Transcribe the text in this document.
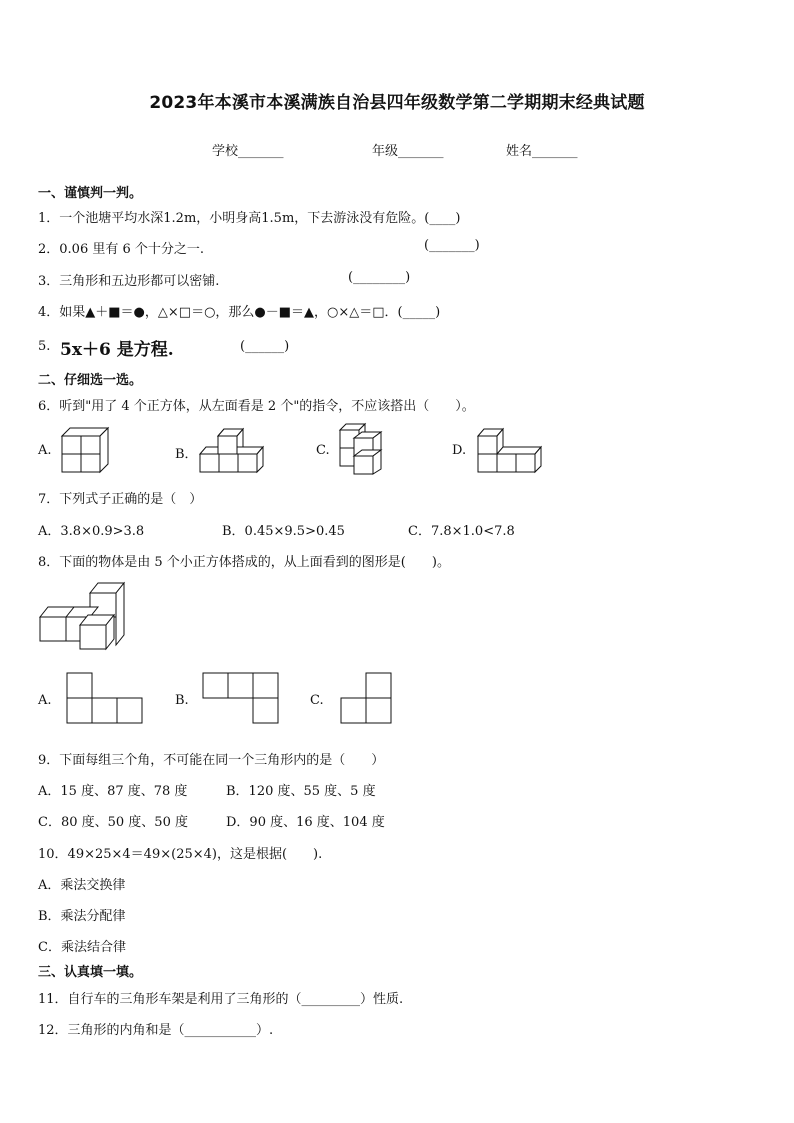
2023年本溪市本溪满族自治县四年级数学第二学期期末经典试题
学校_______	年级_______	姓名_______
一、谨慎判一判。
1．一个池塘平均水深1.2m，小明身高1.5m，下去游泳没有危险。(____)
2．0.06 里有 6 个十分之一.	(_______)
3．三角形和五边形都可以密铺.	(________)
4．如果▲＋■＝●，△×□＝○，那么●－■＝▲，○×△＝□．(_____)
5. 5x＋6 是方程.	(______)
二、仔细选一选。
6．听到"用了 4 个正方体，从左面看是 2 个"的指令，不应该搭出（　　）。
A.	B．	C.	D.
7．下列式子正确的是（　）
A．3.8×0.9>3.8	B．0.45×9.5>0.45	C．7.8×1.0<7.8
8．下面的物体是由 5 个小正方体搭成的，从上面看到的图形是(　　)。
A.	B.	C.
9．下面每组三个角，不可能在同一个三角形内的是（　　）
A．15 度、87 度、78 度	B．120 度、55 度、5 度
C．80 度、50 度、50 度	D．90 度、16 度、104 度
10．49×25×4＝49×(25×4)，这是根据(　　).
A．乘法交换律
B．乘法分配律
C．乘法结合律
三、认真填一填。
11．自行车的三角形车架是利用了三角形的（_________）性质.
12．三角形的内角和是（___________）.
